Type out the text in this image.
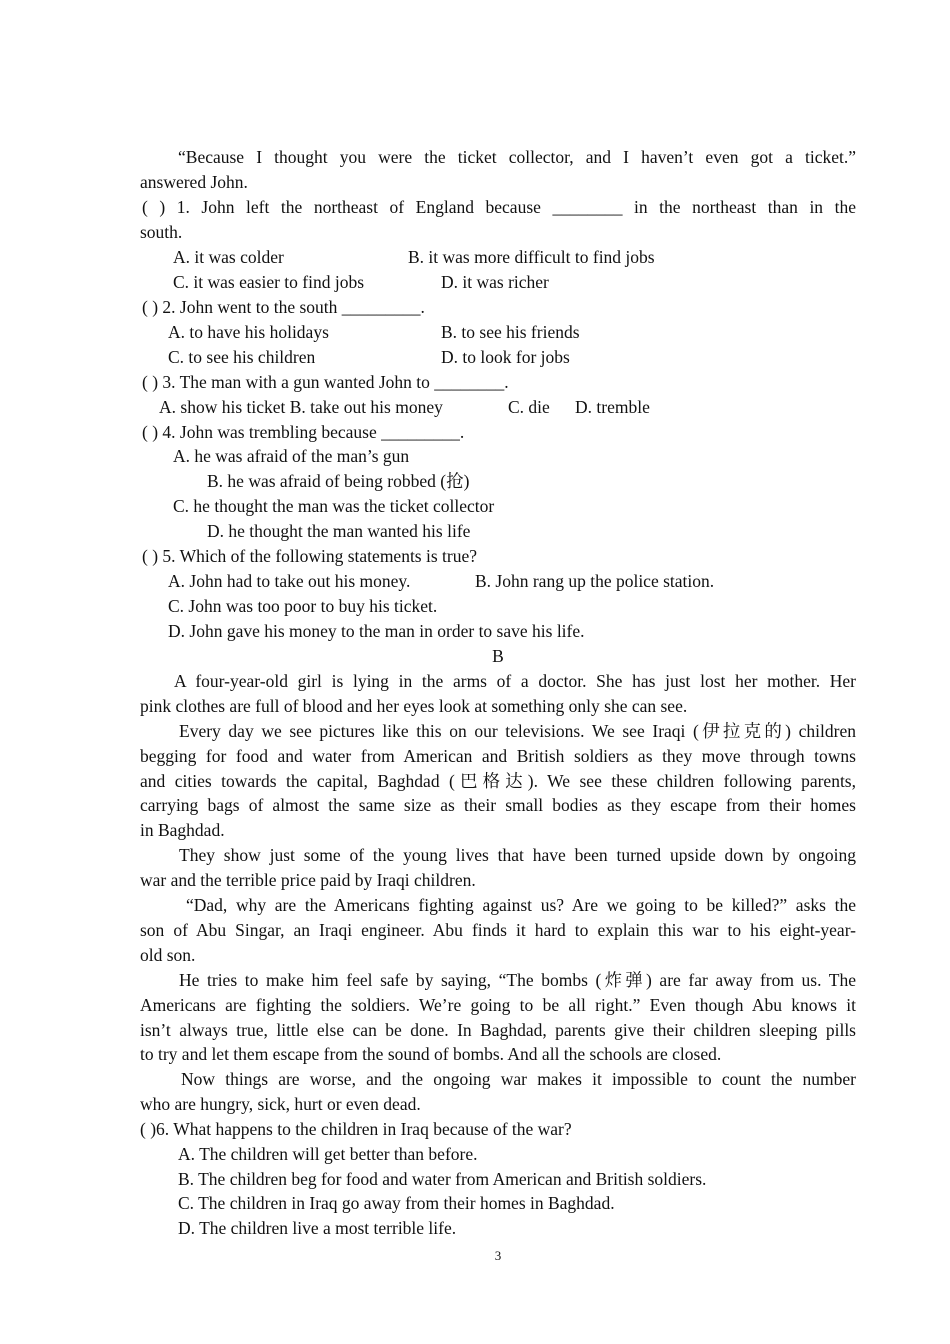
“Because I thought you were the ticket collector, and I haven’t even got a ticket.”
answered John.
( ) 1. John left the northeast of England because ________ in the northeast than in the
south.
A. it was colder	B. it was more difficult to find jobs
C. it was easier to find jobs	D. it was richer
( ) 2. John went to the south _________.
A. to have his holidays	B. to see his friends
C. to see his children	D. to look for jobs
( ) 3. The man with a gun wanted John to ________.
A. show his ticket B. take out his money	C. die D. tremble
( ) 4. John was trembling because _________.
A. he was afraid of the man’s gun
B. he was afraid of being robbed (抢)
C. he thought the man was the ticket collector
D. he thought the man wanted his life
( ) 5. Which of the following statements is true?
A. John had to take out his money.	B. John rang up the police station.
C. John was too poor to buy his ticket.
D. John gave his money to the man in order to save his life.
B
A four-year-old girl is lying in the arms of a doctor. She has just lost her mother. Her
pink clothes are full of blood and her eyes look at something only she can see.
Every day we see pictures like this on our televisions. We see Iraqi (伊拉克的) children
begging for food and water from American and British soldiers as they move through towns
and cities towards the capital, Baghdad (巴格达). We see these children following parents,
carrying bags of almost the same size as their small bodies as they escape from their homes
in Baghdad.
They show just some of the young lives that have been turned upside down by ongoing
war and the terrible price paid by Iraqi children.
“Dad, why are the Americans fighting against us? Are we going to be killed?” asks the
son of Abu Singar, an Iraqi engineer. Abu finds it hard to explain this war to his eight-year-
old son.
He tries to make him feel safe by saying, “The bombs (炸弹) are far away from us. The
Americans are fighting the soldiers. We’re going to be all right.” Even though Abu knows it
isn’t always true, little else can be done. In Baghdad, parents give their children sleeping pills
to try and let them escape from the sound of bombs. And all the schools are closed.
Now things are worse, and the ongoing war makes it impossible to count the number
who are hungry, sick, hurt or even dead.
( )6. What happens to the children in Iraq because of the war?
A. The children will get better than before.
B. The children beg for food and water from American and British soldiers.
C. The children in Iraq go away from their homes in Baghdad.
D. The children live a most terrible life.
3
